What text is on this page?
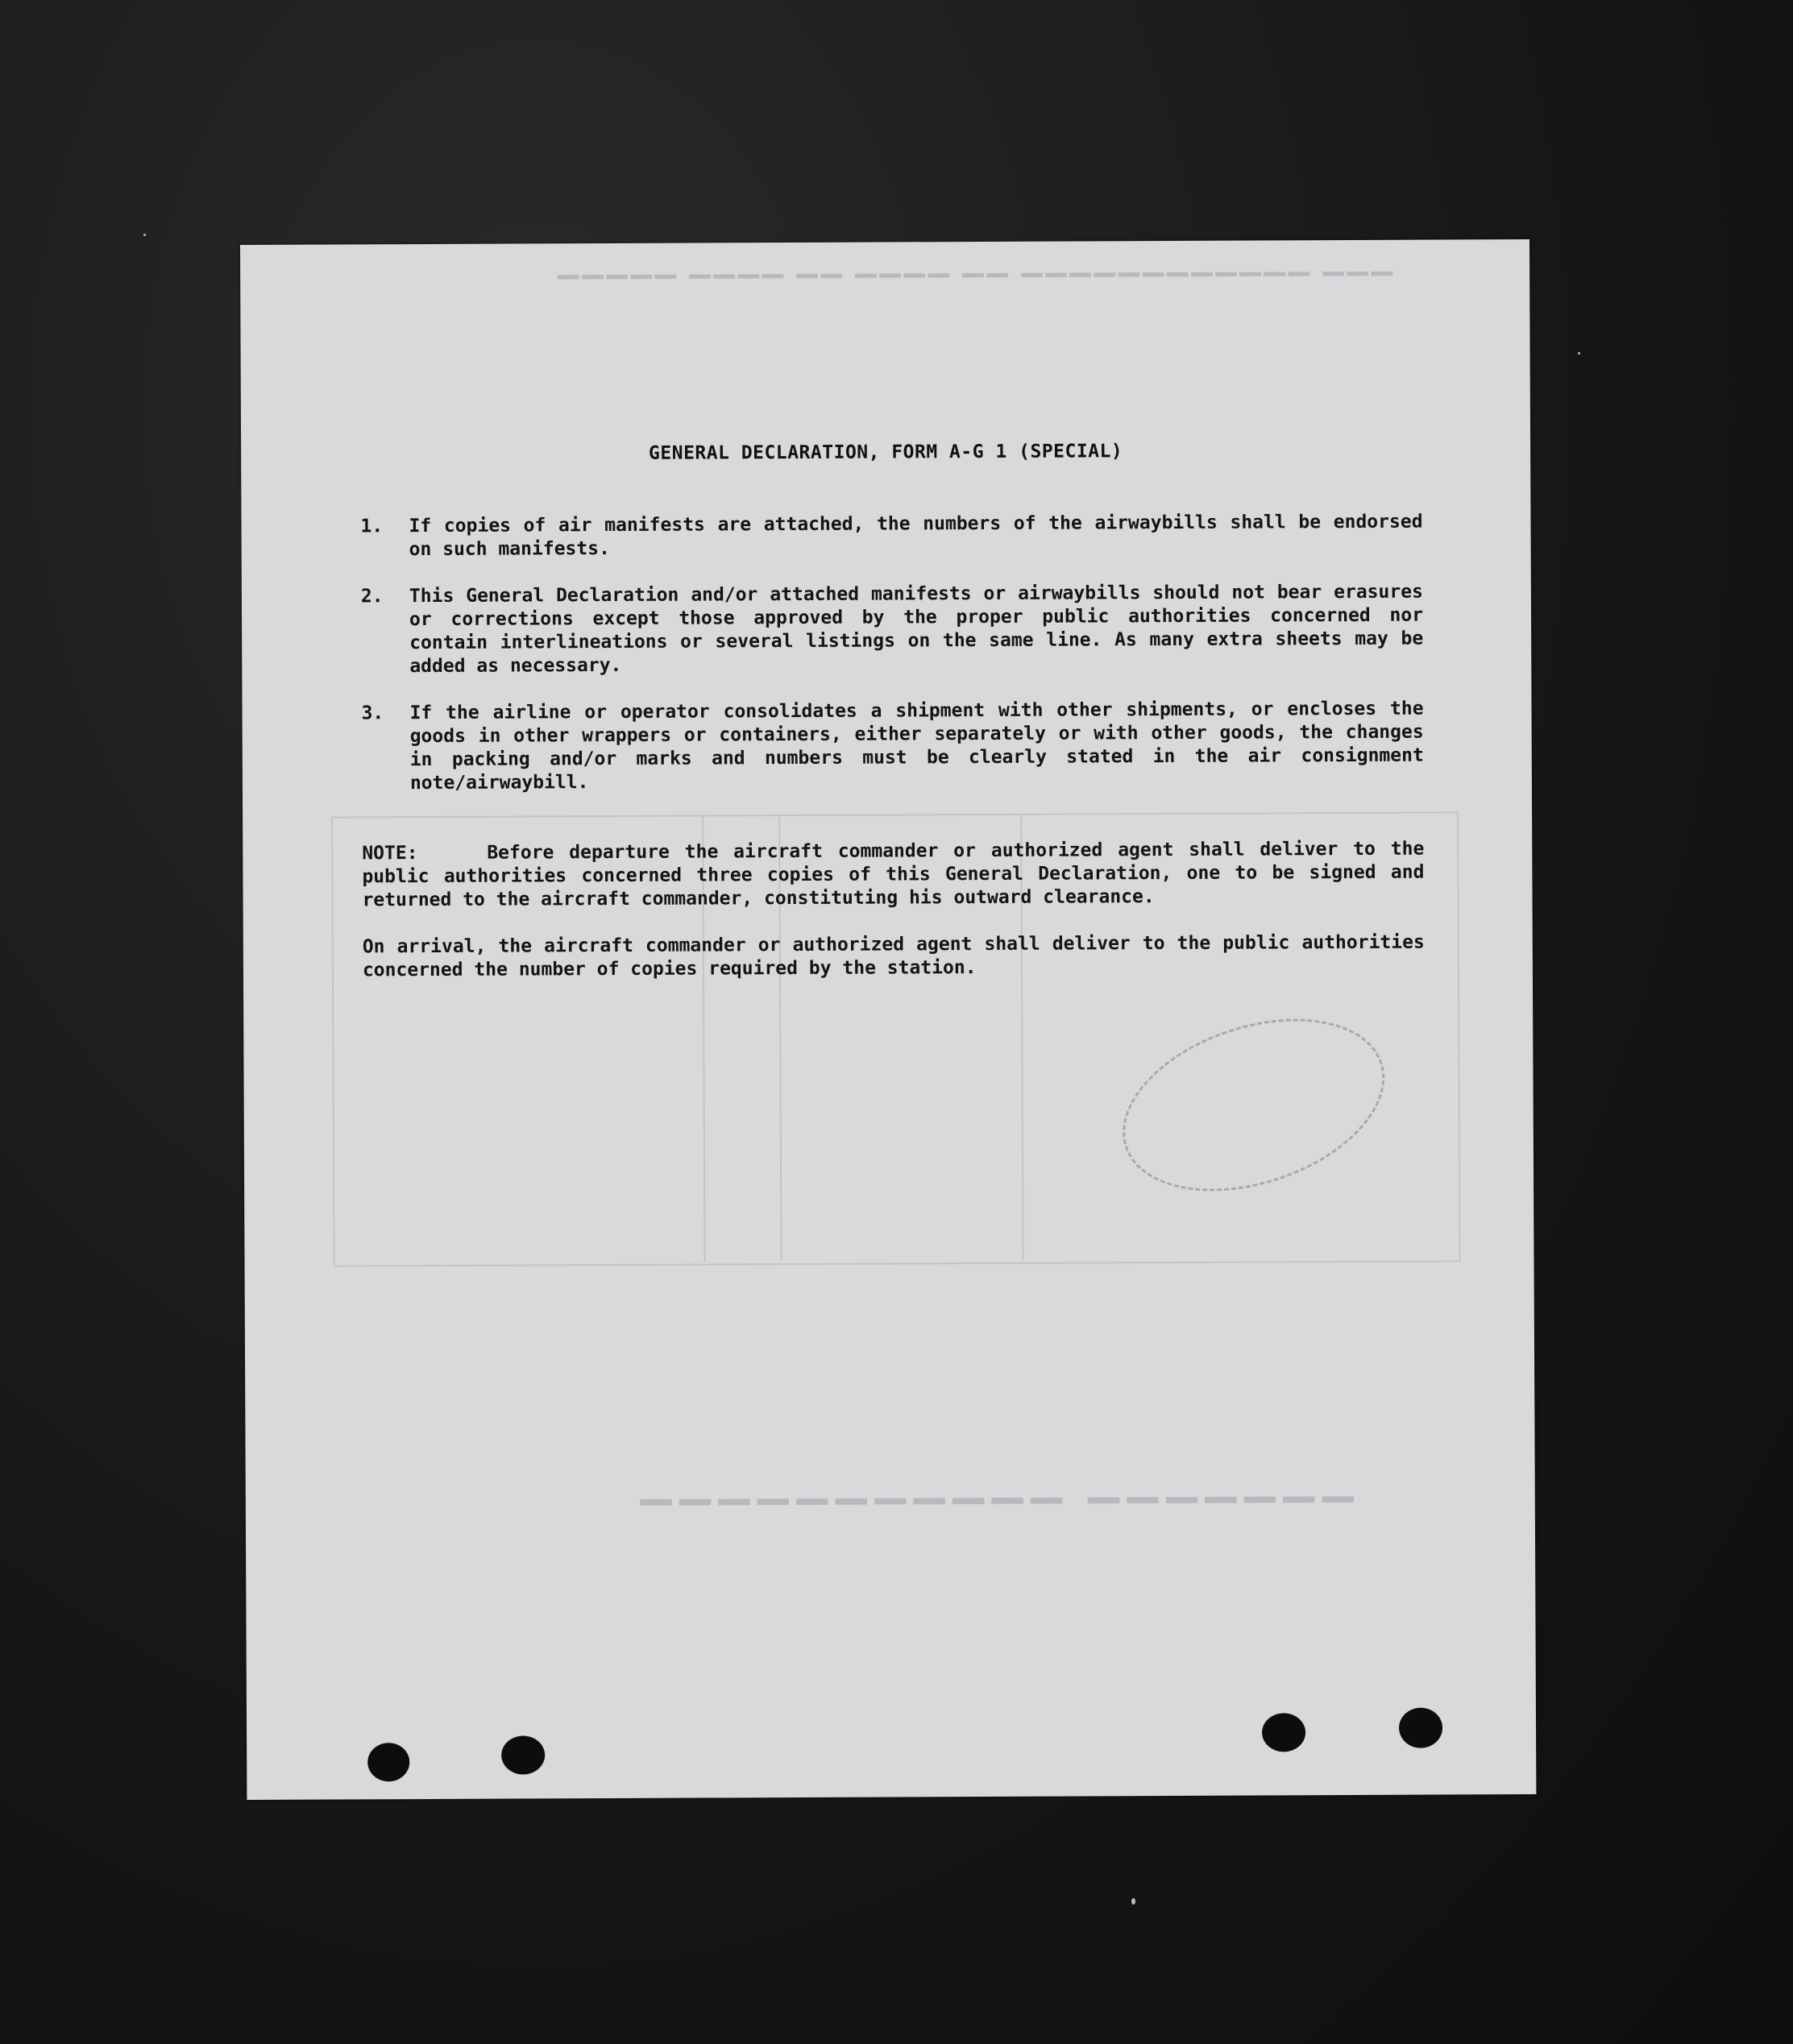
▔▔▔ ▔▔▔▔▔▔▔▔▔▔▔▔ ▔▔ ▔▔▔▔ ▔▔ ▔▔▔▔ ▔▔▔▔▔
▔▔▔▔▔▔▔ ▔▔▔▔▔▔▔▔▔▔▔
GENERAL DECLARATION, FORM A-G 1 (SPECIAL)
1.	If copies of air manifests are attached, the numbers of the airwaybills shall be endorsed on such manifests.
2.	This General Declaration and/or attached manifests or airwaybills should not bear erasures or corrections except those approved by the proper public authorities concerned nor contain interlineations or several listings on the same line. As many extra sheets may be added as necessary.
3.	If the airline or operator consolidates a shipment with other shipments, or encloses the goods in other wrappers or containers, either separately or with other goods, the changes in packing and/or marks and numbers must be clearly stated in the air consignment note/airwaybill.
NOTE:	Before departure the aircraft commander or authorized agent shall deliver to the public authorities concerned three copies of this General Declaration, one to be signed and returned to the aircraft commander, constituting his outward clearance.
On arrival, the aircraft commander or authorized agent shall deliver to the public authorities concerned the number of copies required by the station.
